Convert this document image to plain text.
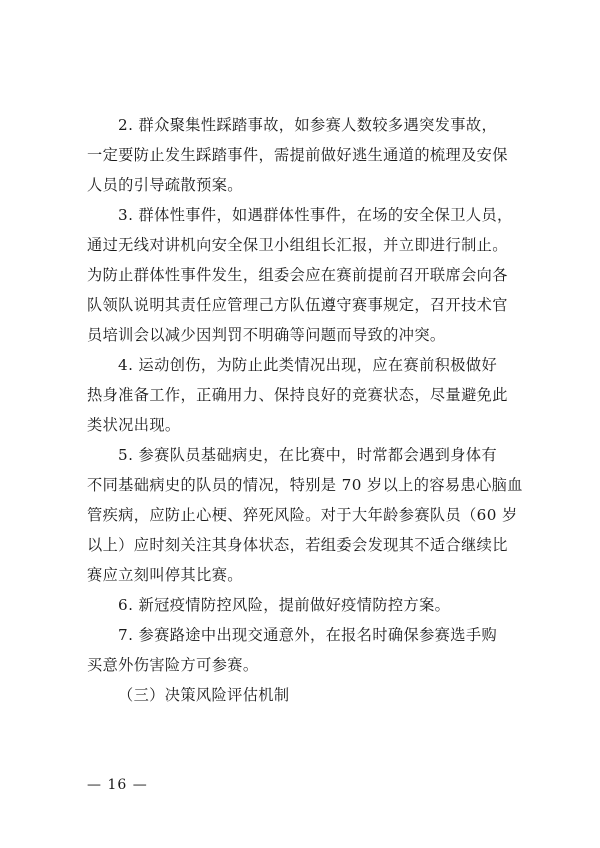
2. 群众聚集性踩踏事故，如参赛人数较多遇突发事故，
一定要防止发生踩踏事件，需提前做好逃生通道的梳理及安保
人员的引导疏散预案。

3. 群体性事件，如遇群体性事件，在场的安全保卫人员，
通过无线对讲机向安全保卫小组组长汇报，并立即进行制止。
为防止群体性事件发生，组委会应在赛前提前召开联席会向各
队领队说明其责任应管理己方队伍遵守赛事规定，召开技术官
员培训会以减少因判罚不明确等问题而导致的冲突。

4. 运动创伤，为防止此类情况出现，应在赛前积极做好
热身准备工作，正确用力、保持良好的竞赛状态，尽量避免此
类状况出现。

5. 参赛队员基础病史，在比赛中，时常都会遇到身体有
不同基础病史的队员的情况，特别是 70 岁以上的容易患心脑血
管疾病，应防止心梗、猝死风险。对于大年龄参赛队员（60 岁
以上）应时刻关注其身体状态，若组委会发现其不适合继续比
赛应立刻叫停其比赛。

6. 新冠疫情防控风险，提前做好疫情防控方案。

7. 参赛路途中出现交通意外，在报名时确保参赛选手购
买意外伤害险方可参赛。

（三）决策风险评估机制

— 16 —
